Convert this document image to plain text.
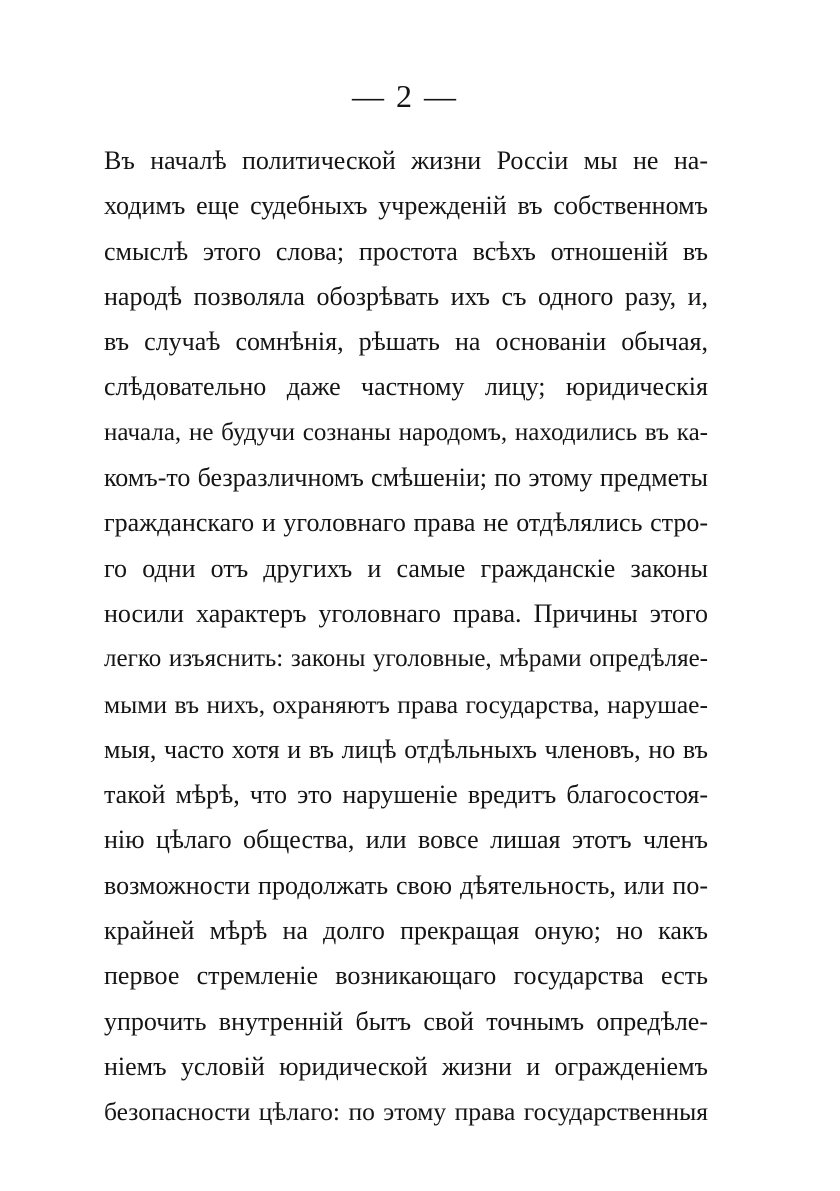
— 2 —
Въ началѣ политической жизни Россіи мы не на-
ходимъ еще судебныхъ учрежденій въ собственномъ
смыслѣ этого слова; простота всѣхъ отношеній въ
народѣ позволяла обозрѣвать ихъ съ одного разу, и,
въ случаѣ сомнѣнія, рѣшать на основаніи обычая,
слѣдовательно даже частному лицу; юридическія
начала, не будучи сознаны народомъ, находились въ ка-
комъ-то безразличномъ смѣшеніи; по этому предметы
гражданскаго и уголовнаго права не отдѣлялись стро-
го одни отъ другихъ и самые гражданскіе законы
носили характеръ уголовнаго права. Причины этого
легко изъяснить: законы уголовные, мѣрами опредѣляе-
мыми въ нихъ, охраняютъ права государства, нарушае-
мыя, часто хотя и въ лицѣ отдѣльныхъ членовъ, но въ
такой мѣрѣ, что это нарушеніе вредитъ благосостоя-
нію цѣлаго общества, или вовсе лишая этотъ членъ
возможности продолжать свою дѣятельность, или по-
крайней мѣрѣ на долго прекращая оную; но какъ
первое стремленіе возникающаго государства есть
упрочить внутренній бытъ свой точнымъ опредѣле-
ніемъ условій юридической жизни и огражденіемъ
безопасности цѣлаго: по этому права государственныя
